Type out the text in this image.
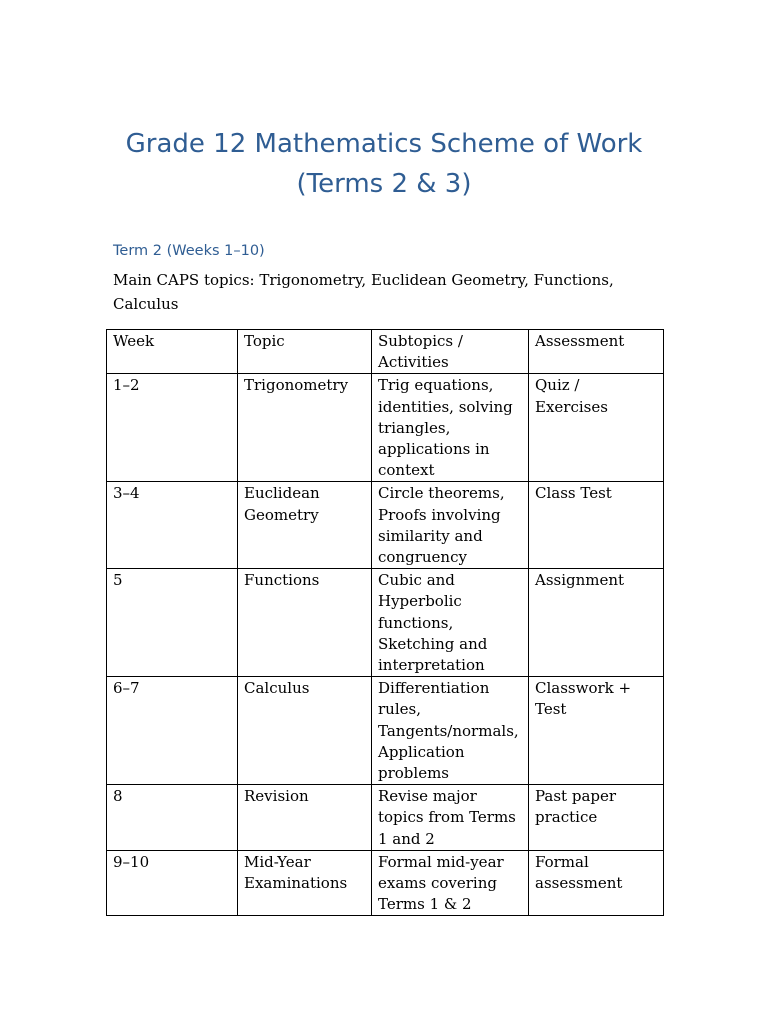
Grade 12 Mathematics Scheme of Work
(Terms 2 & 3)
Term 2 (Weeks 1–10)
Main CAPS topics: Trigonometry, Euclidean Geometry, Functions, Calculus
Week	Topic	Subtopics / Activities	Assessment
1–2	Trigonometry	Trig equations, identities, solving triangles, applications in context	Quiz / Exercises
3–4	Euclidean Geometry	Circle theorems, Proofs involving similarity and congruency	Class Test
5	Functions	Cubic and Hyperbolic functions, Sketching and interpretation	Assignment
6–7	Calculus	Differentiation rules, Tangents/normals, Application problems	Classwork + Test
8	Revision	Revise major topics from Terms 1 and 2	Past paper practice
9–10	Mid-Year Examinations	Formal mid-year exams covering Terms 1 & 2	Formal assessment
